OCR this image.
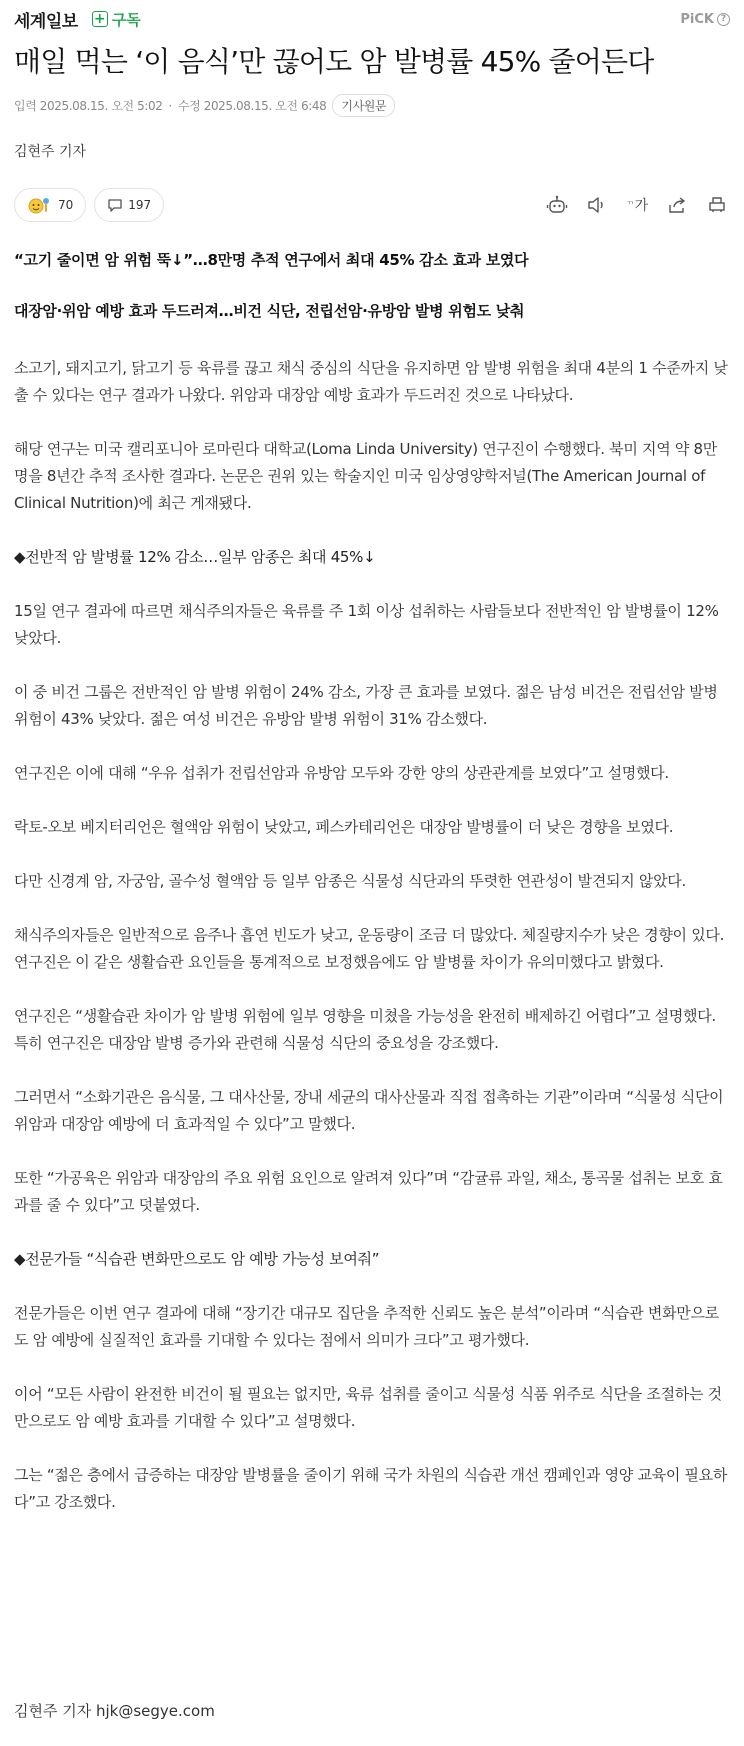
세계일보 + 구독	PiCK ?
매일 먹는 ‘이 음식’만 끊어도 암 발병률 45% 줄어든다
입력 2025.08.15. 오전 5:02 · 수정 2025.08.15. 오전 6:48	기사원문
김현주 기자
70	197	ᄁ 가

“고기 줄이면 암 위험 뚝↓”…8만명 추적 연구에서 최대 45% 감소 효과 보였다

대장암·위암 예방 효과 두드러져…비건 식단, 전립선암·유방암 발병 위험도 낮춰

소고기, 돼지고기, 닭고기 등 육류를 끊고 채식 중심의 식단을 유지하면 암 발병 위험을 최대 4분의 1 수준까지 낮출 수 있다는 연구 결과가 나왔다. 위암과 대장암 예방 효과가 두드러진 것으로 나타났다.

해당 연구는 미국 캘리포니아 로마린다 대학교(Loma Linda University) 연구진이 수행했다. 북미 지역 약 8만명을 8년간 추적 조사한 결과다. 논문은 권위 있는 학술지인 미국 임상영양학저널(The American Journal of Clinical Nutrition)에 최근 게재됐다.

◆전반적 암 발병률 12% 감소…일부 암종은 최대 45%↓

15일 연구 결과에 따르면 채식주의자들은 육류를 주 1회 이상 섭취하는 사람들보다 전반적인 암 발병률이 12% 낮았다.

이 중 비건 그룹은 전반적인 암 발병 위험이 24% 감소, 가장 큰 효과를 보였다. 젊은 남성 비건은 전립선암 발병 위험이 43% 낮았다. 젊은 여성 비건은 유방암 발병 위험이 31% 감소했다.

연구진은 이에 대해 “우유 섭취가 전립선암과 유방암 모두와 강한 양의 상관관계를 보였다”고 설명했다.

락토-오보 베지터리언은 혈액암 위험이 낮았고, 페스카테리언은 대장암 발병률이 더 낮은 경향을 보였다.

다만 신경계 암, 자궁암, 골수성 혈액암 등 일부 암종은 식물성 식단과의 뚜렷한 연관성이 발견되지 않았다.

채식주의자들은 일반적으로 음주나 흡연 빈도가 낮고, 운동량이 조금 더 많았다. 체질량지수가 낮은 경향이 있다. 연구진은 이 같은 생활습관 요인들을 통계적으로 보정했음에도 암 발병률 차이가 유의미했다고 밝혔다.

연구진은 “생활습관 차이가 암 발병 위험에 일부 영향을 미쳤을 가능성을 완전히 배제하긴 어렵다”고 설명했다. 특히 연구진은 대장암 발병 증가와 관련해 식물성 식단의 중요성을 강조했다.

그러면서 “소화기관은 음식물, 그 대사산물, 장내 세균의 대사산물과 직접 접촉하는 기관”이라며 “식물성 식단이 위암과 대장암 예방에 더 효과적일 수 있다”고 말했다.

또한 “가공육은 위암과 대장암의 주요 위험 요인으로 알려져 있다”며 “감귤류 과일, 채소, 통곡물 섭취는 보호 효과를 줄 수 있다”고 덧붙였다.

◆전문가들 “식습관 변화만으로도 암 예방 가능성 보여줘”

전문가들은 이번 연구 결과에 대해 “장기간 대규모 집단을 추적한 신뢰도 높은 분석”이라며 “식습관 변화만으로도 암 예방에 실질적인 효과를 기대할 수 있다는 점에서 의미가 크다”고 평가했다.

이어 “모든 사람이 완전한 비건이 될 필요는 없지만, 육류 섭취를 줄이고 식물성 식품 위주로 식단을 조절하는 것만으로도 암 예방 효과를 기대할 수 있다”고 설명했다.

그는 “젊은 층에서 급증하는 대장암 발병률을 줄이기 위해 국가 차원의 식습관 개선 캠페인과 영양 교육이 필요하다”고 강조했다.

김현주 기자 hjk@segye.com
